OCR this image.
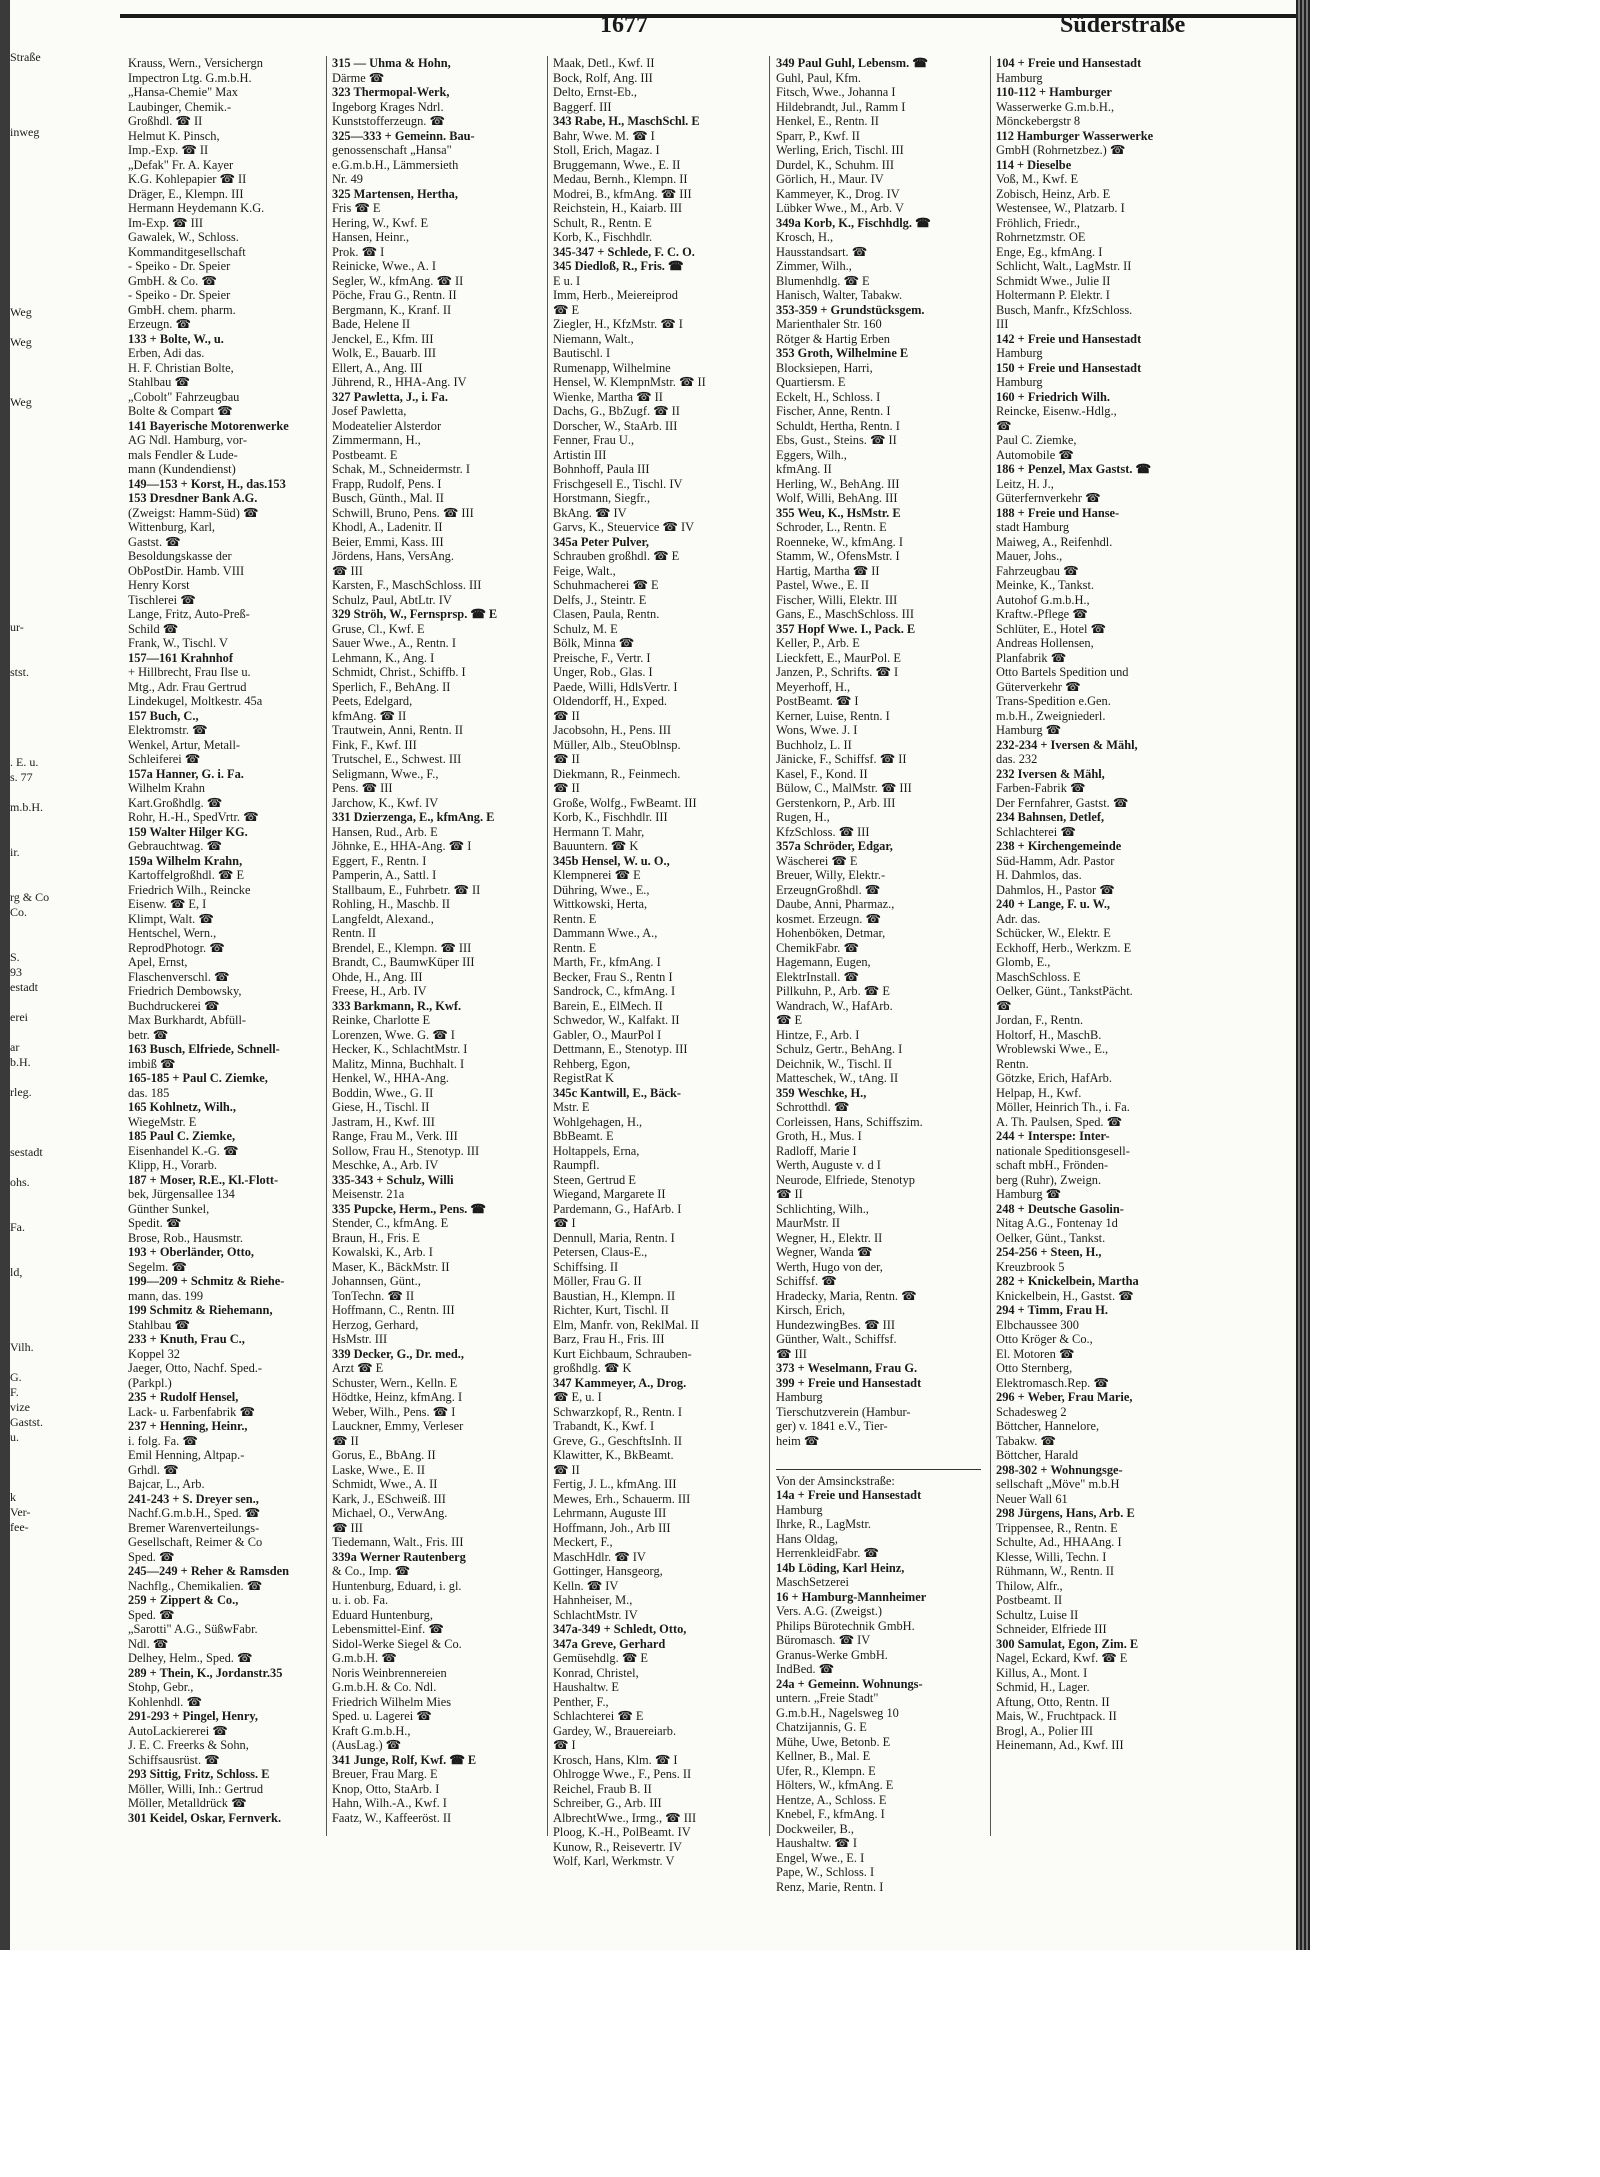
1677	Süderstraße
Straße
inweg
Weg
Weg
Weg
ur-
stst.
. E. u.
s. 77
m.b.H.
ir.
rg & Co
Co.
S.
93
estadt
erei
ar
b.H.
rleg.
sestadt
ohs.
Fa.
ld,
Vilh.
G.
F.
vize
Gastst.
u.
k
Ver-
fee-
Krauss, Wern., Versichergn
Impectron Ltg. G.m.b.H.
„Hansa-Chemie" Max
Laubinger, Chemik.-
Großhdl. ☎ II
Helmut K. Pinsch,
Imp.-Exp. ☎ II
„Defak" Fr. A. Kayer
K.G. Kohlepapier ☎ II
Dräger, E., Klempn. III
Hermann Heydemann K.G.
Im-Exp. ☎ III
Gawalek, W., Schloss.
Kommanditgesellschaft
- Speiko - Dr. Speier
GmbH. & Co. ☎
- Speiko - Dr. Speier
GmbH. chem. pharm.
Erzeugn. ☎
133 + Bolte, W., u.
Erben, Adi das.
H. F. Christian Bolte,
Stahlbau ☎
„Cobolt" Fahrzeugbau
Bolte & Compart ☎
141 Bayerische Motorenwerke
AG Ndl. Hamburg, vor-
mals Fendler & Lude-
mann (Kundendienst)
149—153 + Korst, H., das.153
153 Dresdner Bank A.G.
(Zweigst: Hamm-Süd) ☎
Wittenburg, Karl,
Gastst. ☎
Besoldungskasse der
ObPostDir. Hamb. VIII
Henry Korst
Tischlerei ☎
Lange, Fritz, Auto-Preß-
Schild ☎
Frank, W., Tischl. V
157—161 Krahnhof
+ Hillbrecht, Frau Ilse u.
Mtg., Adr. Frau Gertrud
Lindekugel, Moltkestr. 45a
157 Buch, C.,
Elektromstr. ☎
Wenkel, Artur, Metall-
Schleiferei ☎
157a Hanner, G. i. Fa.
Wilhelm Krahn
Kart.Großhdlg. ☎
Rohr, H.-H., SpedVrtr. ☎
159 Walter Hilger KG.
Gebrauchtwag. ☎
159a Wilhelm Krahn,
Kartoffelgroßhdl. ☎ E
Friedrich Wilh., Reincke
Eisenw. ☎ E, I
Klimpt, Walt. ☎
Hentschel, Wern.,
ReprodPhotogr. ☎
Apel, Ernst,
Flaschenverschl. ☎
Friedrich Dembowsky,
Buchdruckerei ☎
Max Burkhardt, Abfüll-
betr. ☎
163 Busch, Elfriede, Schnell-
imbiß ☎
165-185 + Paul C. Ziemke,
das. 185
165 Kohlnetz, Wilh.,
WiegeMstr. E
185 Paul C. Ziemke,
Eisenhandel K.-G. ☎
Klipp, H., Vorarb.
187 + Moser, R.E., Kl.-Flott-
bek, Jürgensallee 134
Günther Sunkel,
Spedit. ☎
Brose, Rob., Hausmstr.
193 + Oberländer, Otto,
Segelm. ☎
199—209 + Schmitz & Riehe-
mann, das. 199
199 Schmitz & Riehemann,
Stahlbau ☎
233 + Knuth, Frau C.,
Koppel 32
Jaeger, Otto, Nachf. Sped.-
(Parkpl.)
235 + Rudolf Hensel,
Lack- u. Farbenfabrik ☎
237 + Henning, Heinr.,
i. folg. Fa. ☎
Emil Henning, Altpap.-
Grhdl. ☎
Bajcar, L., Arb.
241-243 + S. Dreyer sen.,
Nachf.G.m.b.H., Sped. ☎
Bremer Warenverteilungs-
Gesellschaft, Reimer & Co
Sped. ☎
245—249 + Reher & Ramsden
Nachflg., Chemikalien. ☎
259 + Zippert & Co.,
Sped. ☎
„Sarotti" A.G., SüßwFabr.
Ndl. ☎
Delhey, Helm., Sped. ☎
289 + Thein, K., Jordanstr.35
Stohp, Gebr.,
Kohlenhdl. ☎
291-293 + Pingel, Henry,
AutoLackiererei ☎
J. E. C. Freerks & Sohn,
Schiffsausrüst. ☎
293 Sittig, Fritz, Schloss. E
Möller, Willi, Inh.: Gertrud
Möller, Metalldrück ☎
301 Keidel, Oskar, Fernverk.
315 — Uhma & Hohn,
Därme ☎
323 Thermopal-Werk,
Ingeborg Krages Ndrl.
Kunststofferzeugn. ☎
325—333 + Gemeinn. Bau-
genossenschaft „Hansa"
e.G.m.b.H., Lämmersieth
Nr. 49
325 Martensen, Hertha,
Fris ☎ E
Hering, W., Kwf. E
Hansen, Heinr.,
Prok. ☎ I
Reinicke, Wwe., A. I
Segler, W., kfmAng. ☎ II
Pöche, Frau G., Rentn. II
Bergmann, K., Kranf. II
Bade, Helene II
Jenckel, E., Kfm. III
Wolk, E., Bauarb. III
Ellert, A., Ang. III
Jührend, R., HHA-Ang. IV
327 Pawletta, J., i. Fa.
Josef Pawletta,
Modeatelier Alsterdor
Zimmermann, H.,
Postbeamt. E
Schak, M., Schneidermstr. I
Frapp, Rudolf, Pens. I
Busch, Günth., Mal. II
Schwill, Bruno, Pens. ☎ III
Khodl, A., Ladenitr. II
Beier, Emmi, Kass. III
Jördens, Hans, VersAng.
☎ III
Karsten, F., MaschSchloss. III
Schulz, Paul, AbtLtr. IV
329 Ströh, W., Fernsprsp. ☎ E
Gruse, Cl., Kwf. E
Sauer Wwe., A., Rentn. I
Lehmann, K., Ang. I
Schmidt, Christ., Schiffb. I
Sperlich, F., BehAng. II
Peets, Edelgard,
kfmAng. ☎ II
Trautwein, Anni, Rentn. II
Fink, F., Kwf. III
Trutschel, E., Schwest. III
Seligmann, Wwe., F.,
Pens. ☎ III
Jarchow, K., Kwf. IV
331 Dzierzenga, E., kfmAng. E
Hansen, Rud., Arb. E
Jöhnke, E., HHA-Ang. ☎ I
Eggert, F., Rentn. I
Pamperin, A., Sattl. I
Stallbaum, E., Fuhrbetr. ☎ II
Rohling, H., Maschb. II
Langfeldt, Alexand.,
Rentn. II
Brendel, E., Klempn. ☎ III
Brandt, C., BaumwKüper III
Ohde, H., Ang. III
Freese, H., Arb. IV
333 Barkmann, R., Kwf.
Reinke, Charlotte E
Lorenzen, Wwe. G. ☎ I
Hecker, K., SchlachtMstr. I
Malitz, Minna, Buchhalt. I
Henkel, W., HHA-Ang.
Boddin, Wwe., G. II
Giese, H., Tischl. II
Jastram, H., Kwf. III
Range, Frau M., Verk. III
Sollow, Frau H., Stenotyp. III
Meschke, A., Arb. IV
335-343 + Schulz, Willi
Meisenstr. 21a
335 Pupcke, Herm., Pens. ☎
Stender, C., kfmAng. E
Braun, H., Fris. E
Kowalski, K., Arb. I
Maser, K., BäckMstr. II
Johannsen, Günt.,
TonTechn. ☎ II
Hoffmann, C., Rentn. III
Herzog, Gerhard,
HsMstr. III
339 Decker, G., Dr. med.,
Arzt ☎ E
Schuster, Wern., Kelln. E
Hödtke, Heinz, kfmAng. I
Weber, Wilh., Pens. ☎ I
Lauckner, Emmy, Verleser
☎ II
Gorus, E., BbAng. II
Laske, Wwe., E. II
Schmidt, Wwe., A. II
Kark, J., ESchweiß. III
Michael, O., VerwAng.
☎ III
Tiedemann, Walt., Fris. III
339a Werner Rautenberg
& Co., Imp. ☎
Huntenburg, Eduard, i. gl.
u. i. ob. Fa.
Eduard Huntenburg,
Lebensmittel-Einf. ☎
Sidol-Werke Siegel & Co.
G.m.b.H. ☎
Noris Weinbrennereien
G.m.b.H. & Co. Ndl.
Friedrich Wilhelm Mies
Sped. u. Lagerei ☎
Kraft G.m.b.H.,
(AusLag.) ☎
341 Junge, Rolf, Kwf. ☎ E
Breuer, Frau Marg. E
Knop, Otto, StaArb. I
Hahn, Wilh.-A., Kwf. I
Faatz, W., Kaffeeröst. II
Maak, Detl., Kwf. II
Bock, Rolf, Ang. III
Delto, Ernst-Eb.,
Baggerf. III
343 Rabe, H., MaschSchl. E
Bahr, Wwe. M. ☎ I
Stoll, Erich, Magaz. I
Bruggemann, Wwe., E. II
Medau, Bernh., Klempn. II
Modrei, B., kfmAng. ☎ III
Reichstein, H., Kaiarb. III
Schult, R., Rentn. E
Korb, K., Fischhdlr.
345-347 + Schlede, F. C. O.
345 Diedloß, R., Fris. ☎
E u. I
Imm, Herb., Meiereiprod
☎ E
Ziegler, H., KfzMstr. ☎ I
Niemann, Walt.,
Bautischl. I
Rumenapp, Wilhelmine
Hensel, W. KlempnMstr. ☎ II
Wienke, Martha ☎ II
Dachs, G., BbZugf. ☎ II
Dorscher, W., StaArb. III
Fenner, Frau U.,
Artistin III
Bohnhoff, Paula III
Frischgesell E., Tischl. IV
Horstmann, Siegfr.,
BkAng. ☎ IV
Garvs, K., Steuervice ☎ IV
345a Peter Pulver,
Schrauben großhdl. ☎ E
Feige, Walt.,
Schuhmacherei ☎ E
Delfs, J., Steintr. E
Clasen, Paula, Rentn.
Schulz, M. E
Bölk, Minna ☎
Preische, F., Vertr. I
Unger, Rob., Glas. I
Paede, Willi, HdlsVertr. I
Oldendorff, H., Exped.
☎ II
Jacobsohn, H., Pens. III
Müller, Alb., SteuOblnsp.
☎ II
Diekmann, R., Feinmech.
☎ II
Große, Wolfg., FwBeamt. III
Korb, K., Fischhdlr. III
Hermann T. Mahr,
Bauuntern. ☎ K
345b Hensel, W. u. O.,
Klempnerei ☎ E
Dühring, Wwe., E.,
Wittkowski, Herta,
Rentn. E
Dammann Wwe., A.,
Rentn. E
Marth, Fr., kfmAng. I
Becker, Frau S., Rentn I
Sandrock, C., kfmAng. I
Barein, E., ElMech. II
Schwedor, W., Kalfakt. II
Gabler, O., MaurPol I
Dettmann, E., Stenotyp. III
Rehberg, Egon,
RegistRat K
345c Kantwill, E., Bäck-
Mstr. E
Wohlgehagen, H.,
BbBeamt. E
Holtappels, Erna,
Raumpfl.
Steen, Gertrud E
Wiegand, Margarete II
Pardemann, G., HafArb. I
☎ I
Dennull, Maria, Rentn. I
Petersen, Claus-E.,
Schiffsing. II
Möller, Frau G. II
Baustian, H., Klempn. II
Richter, Kurt, Tischl. II
Elm, Manfr. von, ReklMal. II
Barz, Frau H., Fris. III
Kurt Eichbaum, Schrauben-
großhdlg. ☎ K
347 Kammeyer, A., Drog.
☎ E, u. I
Schwarzkopf, R., Rentn. I
Trabandt, K., Kwf. I
Greve, G., GeschftsInh. II
Klawitter, K., BkBeamt.
☎ II
Fertig, J. L., kfmAng. III
Mewes, Erh., Schauerm. III
Lehrmann, Auguste III
Hoffmann, Joh., Arb III
Meckert, F.,
MaschHdlr. ☎ IV
Gottinger, Hansgeorg,
Kelln. ☎ IV
Hahnheiser, M.,
SchlachtMstr. IV
347a-349 + Schledt, Otto,
347a Greve, Gerhard
Gemüsehdlg. ☎ E
Konrad, Christel,
Haushaltw. E
Penther, F.,
Schlachterei ☎ E
Gardey, W., Brauereiarb.
☎ I
Krosch, Hans, Klm. ☎ I
Ohlrogge Wwe., F., Pens. II
Reichel, Fraub B. II
Schreiber, G., Arb. III
AlbrechtWwe., Irmg., ☎ III
Ploog, K.-H., PolBeamt. IV
Kunow, R., Reisevertr. IV
Wolf, Karl, Werkmstr. V
349 Paul Guhl, Lebensm. ☎
Guhl, Paul, Kfm.
Fitsch, Wwe., Johanna I
Hildebrandt, Jul., Ramm I
Henkel, E., Rentn. II
Sparr, P., Kwf. II
Werling, Erich, Tischl. III
Durdel, K., Schuhm. III
Görlich, H., Maur. IV
Kammeyer, K., Drog. IV
Lübker Wwe., M., Arb. V
349a Korb, K., Fischhdlg. ☎
Krosch, H.,
Hausstandsart. ☎
Zimmer, Wilh.,
Blumenhdlg. ☎ E
Hanisch, Walter, Tabakw.
353-359 + Grundstücksgem.
Marienthaler Str. 160
Rötger & Hartig Erben
353 Groth, Wilhelmine E
Blocksiepen, Harri,
Quartiersm. E
Eckelt, H., Schloss. I
Fischer, Anne, Rentn. I
Schuldt, Hertha, Rentn. I
Ebs, Gust., Steins. ☎ II
Eggers, Wilh.,
kfmAng. II
Herling, W., BehAng. III
Wolf, Willi, BehAng. III
355 Weu, K., HsMstr. E
Schroder, L., Rentn. E
Roenneke, W., kfmAng. I
Stamm, W., OfensMstr. I
Hartig, Martha ☎ II
Pastel, Wwe., E. II
Fischer, Willi, Elektr. III
Gans, E., MaschSchloss. III
357 Hopf Wwe. I., Pack. E
Keller, P., Arb. E
Lieckfett, E., MaurPol. E
Janzen, P., Schrifts. ☎ I
Meyerhoff, H.,
PostBeamt. ☎ I
Kerner, Luise, Rentn. I
Wons, Wwe. J. I
Buchholz, L. II
Jänicke, F., Schiffsf. ☎ II
Kasel, F., Kond. II
Bülow, C., MalMstr. ☎ III
Gerstenkorn, P., Arb. III
Rugen, H.,
KfzSchloss. ☎ III
357a Schröder, Edgar,
Wäscherei ☎ E
Breuer, Willy, Elektr.-
ErzeugnGroßhdl. ☎
Daube, Anni, Pharmaz.,
kosmet. Erzeugn. ☎
Hohenböken, Detmar,
ChemikFabr. ☎
Hagemann, Eugen,
ElektrInstall. ☎
Pillkuhn, P., Arb. ☎ E
Wandrach, W., HafArb.
☎ E
Hintze, F., Arb. I
Schulz, Gertr., BehAng. I
Deichnik, W., Tischl. II
Matteschek, W., tAng. II
359 Weschke, H.,
Schrotthdl. ☎
Corleissen, Hans, Schiffszim.
Groth, H., Mus. I
Radloff, Marie I
Werth, Auguste v. d I
Neurode, Elfriede, Stenotyp
☎ II
Schlichting, Wilh.,
MaurMstr. II
Wegner, H., Elektr. II
Wegner, Wanda ☎
Werth, Hugo von der,
Schiffsf. ☎
Hradecky, Maria, Rentn. ☎
Kirsch, Erich,
HundezwingBes. ☎ III
Günther, Walt., Schiffsf.
☎ III
373 + Weselmann, Frau G.
399 + Freie und Hansestadt
Hamburg
Tierschutzverein (Hambur-
ger) v. 1841 e.V., Tier-
heim ☎
Von der Amsinckstraße:
14a + Freie und Hansestadt
Hamburg
Ihrke, R., LagMstr.
Hans Oldag,
HerrenkleidFabr. ☎
14b Löding, Karl Heinz,
MaschSetzerei
16 + Hamburg-Mannheimer
Vers. A.G. (Zweigst.)
Philips Bürotechnik GmbH.
Büromasch. ☎ IV
Granus-Werke GmbH.
IndBed. ☎
24a + Gemeinn. Wohnungs-
untern. „Freie Stadt"
G.m.b.H., Nagelsweg 10
Chatzijannis, G. E
Mühe, Uwe, Betonb. E
Kellner, B., Mal. E
Ufer, R., Klempn. E
Hölters, W., kfmAng. E
Hentze, A., Schloss. E
Knebel, F., kfmAng. I
Dockweiler, B.,
Haushaltw. ☎ I
Engel, Wwe., E. I
Pape, W., Schloss. I
Renz, Marie, Rentn. I
104 + Freie und Hansestadt
Hamburg
110-112 + Hamburger
Wasserwerke G.m.b.H.,
Mönckebergstr 8
112 Hamburger Wasserwerke
GmbH (Rohrnetzbez.) ☎
114 + Dieselbe
Voß, M., Kwf. E
Zobisch, Heinz, Arb. E
Westensee, W., Platzarb. I
Fröhlich, Friedr.,
Rohrnetzmstr. OE
Enge, Eg., kfmAng. I
Schlicht, Walt., LagMstr. II
Schmidt Wwe., Julie II
Holtermann P. Elektr. I
Busch, Manfr., KfzSchloss.
III
142 + Freie und Hansestadt
Hamburg
150 + Freie und Hansestadt
Hamburg
160 + Friedrich Wilh.
Reincke, Eisenw.-Hdlg.,
☎
Paul C. Ziemke,
Automobile ☎
186 + Penzel, Max Gastst. ☎
Leitz, H. J.,
Güterfernverkehr ☎
188 + Freie und Hanse-
stadt Hamburg
Maiweg, A., Reifenhdl.
Mauer, Johs.,
Fahrzeugbau ☎
Meinke, K., Tankst.
Autohof G.m.b.H.,
Kraftw.-Pflege ☎
Schlüter, E., Hotel ☎
Andreas Hollensen,
Planfabrik ☎
Otto Bartels Spedition und
Güterverkehr ☎
Trans-Spedition e.Gen.
m.b.H., Zweigniederl.
Hamburg ☎
232-234 + Iversen & Mähl,
das. 232
232 Iversen & Mähl,
Farben-Fabrik ☎
Der Fernfahrer, Gastst. ☎
234 Bahnsen, Detlef,
Schlachterei ☎
238 + Kirchengemeinde
Süd-Hamm, Adr. Pastor
H. Dahmlos, das.
Dahmlos, H., Pastor ☎
240 + Lange, F. u. W.,
Adr. das.
Schücker, W., Elektr. E
Eckhoff, Herb., Werkzm. E
Glomb, E.,
MaschSchloss. E
Oelker, Günt., TankstPächt.
☎
Jordan, F., Rentn.
Holtorf, H., MaschB.
Wroblewski Wwe., E.,
Rentn.
Götzke, Erich, HafArb.
Helpap, H., Kwf.
Möller, Heinrich Th., i. Fa.
A. Th. Paulsen, Sped. ☎
244 + Interspe: Inter-
nationale Speditionsgesell-
schaft mbH., Frönden-
berg (Ruhr), Zweign.
Hamburg ☎
248 + Deutsche Gasolin-
Nitag A.G., Fontenay 1d
Oelker, Günt., Tankst.
254-256 + Steen, H.,
Kreuzbrook 5
282 + Knickelbein, Martha
Knickelbein, H., Gastst. ☎
294 + Timm, Frau H.
Elbchaussee 300
Otto Kröger & Co.,
El. Motoren ☎
Otto Sternberg,
Elektromasch.Rep. ☎
296 + Weber, Frau Marie,
Schadesweg 2
Böttcher, Hannelore,
Tabakw. ☎
Böttcher, Harald
298-302 + Wohnungsge-
sellschaft „Möve" m.b.H
Neuer Wall 61
298 Jürgens, Hans, Arb. E
Trippensee, R., Rentn. E
Schulte, Ad., HHAAng. I
Klesse, Willi, Techn. I
Rühmann, W., Rentn. II
Thilow, Alfr.,
Postbeamt. II
Schultz, Luise II
Schneider, Elfriede III
300 Samulat, Egon, Zim. E
Nagel, Eckard, Kwf. ☎ E
Killus, A., Mont. I
Schmid, H., Lager.
Aftung, Otto, Rentn. II
Mais, W., Fruchtpack. II
Brogl, A., Polier III
Heinemann, Ad., Kwf. III
